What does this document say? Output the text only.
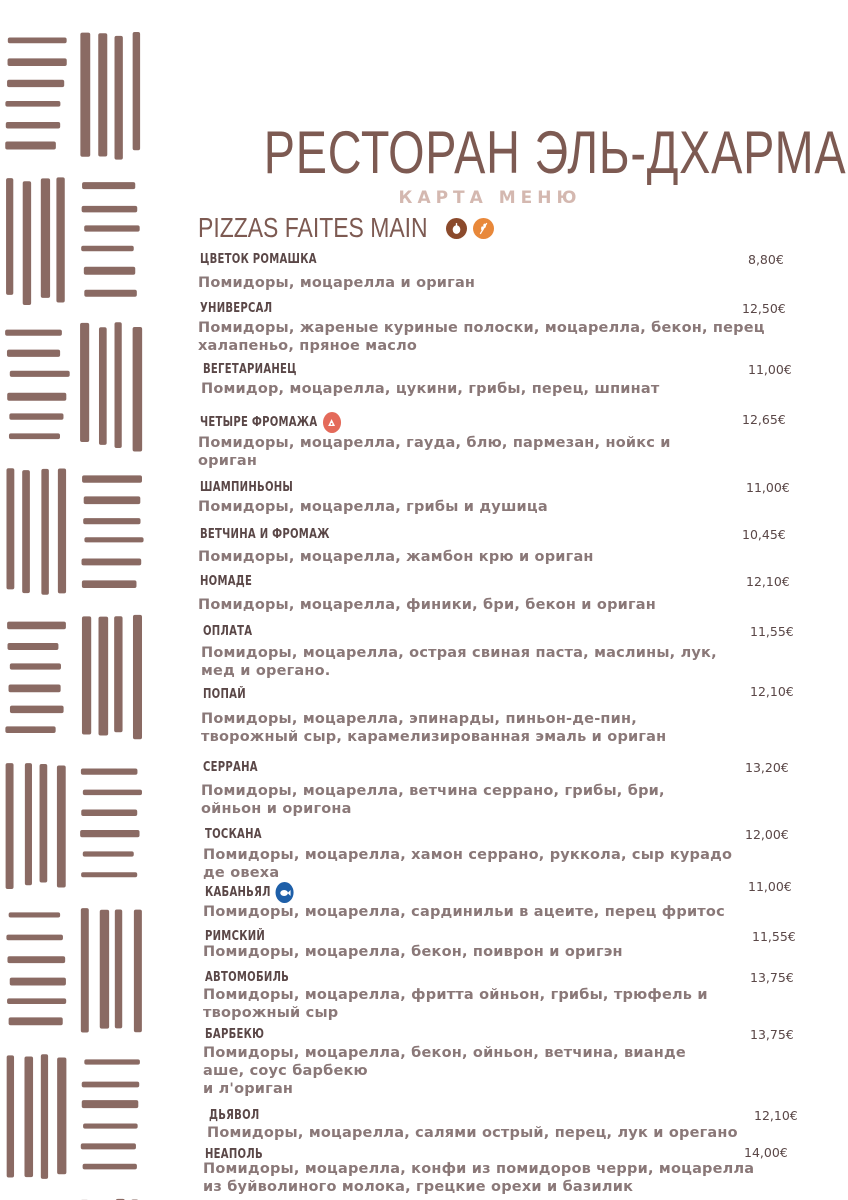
РЕСТОРАН ЭЛЬ-ДХАРМА
КАРТА МЕНЮ
PIZZAS FAITES MAIN
ЦВЕТОК РОМАШКА	8,80€
Помидоры, моцарелла и ориган
УНИВЕРСАЛ	12,50€
Помидоры, жареные куриные полоски, моцарелла, бекон, перец
халапеньо, пряное масло
ВЕГЕТАРИАНЕЦ	11,00€
Помидор, моцарелла, цукини, грибы, перец, шпинат
ЧЕТЫРЕ ФРОМАЖА	12,65€
Помидоры, моцарелла, гауда, блю, пармезан, нойкс и
ориган
ШАМПИНЬОНЫ	11,00€
Помидоры, моцарелла, грибы и душица
ВЕТЧИНА И ФРОМАЖ	10,45€
Помидоры, моцарелла, жамбон крю и ориган
НОМАДЕ	12,10€
Помидоры, моцарелла, финики, бри, бекон и ориган
ОПЛАТА	11,55€
Помидоры, моцарелла, острая свиная паста, маслины, лук,
мед и орегано.
ПОПАЙ	12,10€
Помидоры, моцарелла, эпинарды, пиньон-де-пин,
творожный сыр, карамелизированная эмаль и ориган
СЕРРАНА	13,20€
Помидоры, моцарелла, ветчина серрано, грибы, бри,
ойньон и оригона
ТОСКАНА	12,00€
Помидоры, моцарелла, хамон серрано, руккола, сыр курадо
де овеха
КАБАНЬЯЛ	11,00€
Помидоры, моцарелла, сардинильи в ацеите, перец фритос
РИМСКИЙ	11,55€
Помидоры, моцарелла, бекон, поиврон и оригэн
АВТОМОБИЛЬ	13,75€
Помидоры, моцарелла, фритта ойньон, грибы, трюфель и
творожный сыр
БАРБЕКЮ	13,75€
Помидоры, моцарелла, бекон, ойньон, ветчина, вианде
аше, соус барбекю
и л'ориган
ДЬЯВОЛ	12,10€
Помидоры, моцарелла, салями острый, перец, лук и орегано
НЕАПОЛЬ	14,00€
Помидоры, моцарелла, конфи из помидоров черри, моцарелла
из буйволиного молока, грецкие орехи и базилик
